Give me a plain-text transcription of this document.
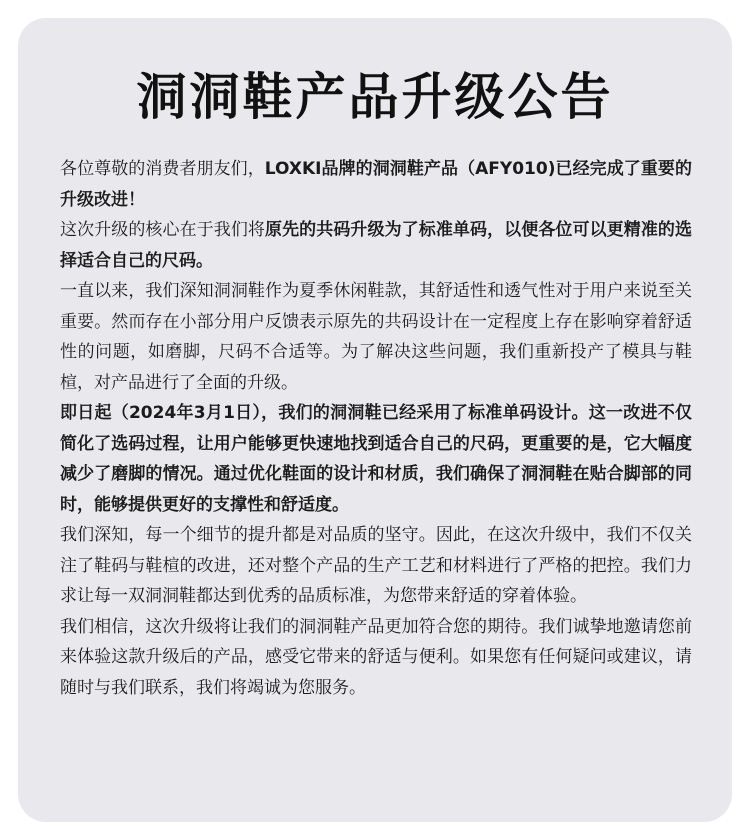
洞洞鞋产品升级公告

各位尊敬的消费者朋友们，LOXKI品牌的洞洞鞋产品（AFY010)已经完成了重要的升级改进！

这次升级的核心在于我们将原先的共码升级为了标准单码，以便各位可以更精准的选择适合自己的尺码。

一直以来，我们深知洞洞鞋作为夏季休闲鞋款，其舒适性和透气性对于用户来说至关重要。然而存在小部分用户反馈表示原先的共码设计在一定程度上存在影响穿着舒适性的问题，如磨脚，尺码不合适等。为了解决这些问题，我们重新投产了模具与鞋楦，对产品进行了全面的升级。

即日起（2024年3月1日），我们的洞洞鞋已经采用了标准单码设计。这一改进不仅简化了选码过程，让用户能够更快速地找到适合自己的尺码，更重要的是，它大幅度减少了磨脚的情况。通过优化鞋面的设计和材质，我们确保了洞洞鞋在贴合脚部的同时，能够提供更好的支撑性和舒适度。

我们深知，每一个细节的提升都是对品质的坚守。因此，在这次升级中，我们不仅关注了鞋码与鞋楦的改进，还对整个产品的生产工艺和材料进行了严格的把控。我们力求让每一双洞洞鞋都达到优秀的品质标准，为您带来舒适的穿着体验。

我们相信，这次升级将让我们的洞洞鞋产品更加符合您的期待。我们诚挚地邀请您前来体验这款升级后的产品，感受它带来的舒适与便利。如果您有任何疑问或建议，请随时与我们联系，我们将竭诚为您服务。
